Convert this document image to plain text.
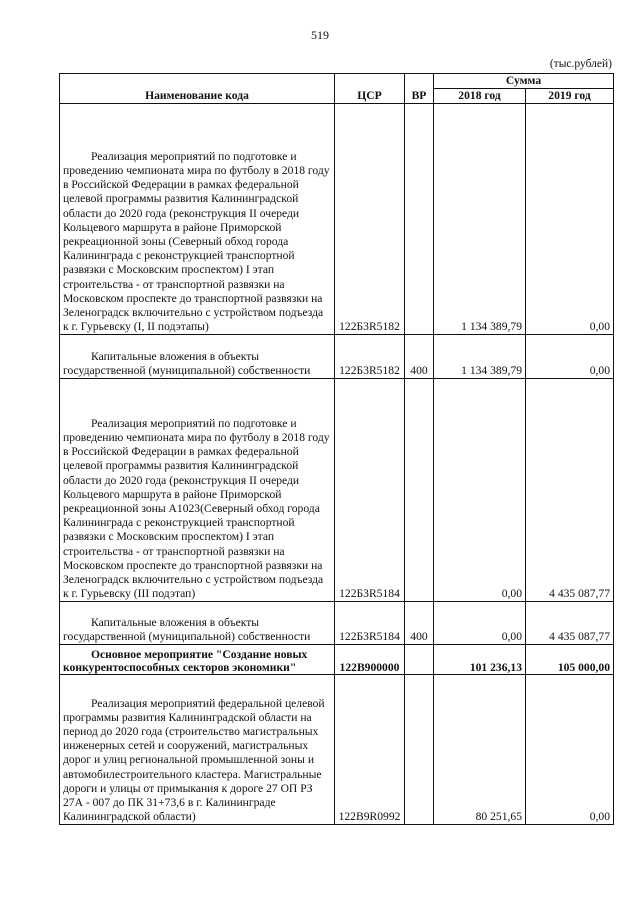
519
(тыс.рублей)
Наименование кода	ЦСР	ВР	Сумма	
			2018 год	2019 год

Реализация мероприятий по подготовке и проведению чемпионата мира по футболу в 2018 году в Российской Федерации в рамках федеральной целевой программы развития Калининградской области до 2020 года (реконструкция II очереди Кольцевого маршрута в районе Приморской рекреационной зоны (Северный обход города Калининграда с реконструкцией транспортной развязки с Московским проспектом) I этап строительства - от транспортной развязки на Московском проспекте до транспортной развязки на Зеленоградск включительно с устройством подъезда к г. Гурьевску (I, II подэтапы)	122Б3R5182		1 134 389,79	0,00

Капитальные вложения в объекты государственной (муниципальной) собственности	122Б3R5182	400	1 134 389,79	0,00

Реализация мероприятий по подготовке и проведению чемпионата мира по футболу в 2018 году в Российской Федерации в рамках федеральной целевой программы развития Калининградской области до 2020 года (реконструкция II очереди Кольцевого маршрута в районе Приморской рекреационной зоны А1023(Северный обход города Калининграда с реконструкцией транспортной развязки с Московским проспектом) I этап строительства - от транспортной развязки на Московском проспекте до транспортной развязки на Зеленоградск включительно с устройством подъезда к г. Гурьевску (III подэтап)	122Б3R5184		0,00	4 435 087,77

Капитальные вложения в объекты государственной (муниципальной) собственности	122Б3R5184	400	0,00	4 435 087,77

Основное мероприятие "Создание новых конкурентоспособных секторов экономики"	122В900000		101 236,13	105 000,00

Реализация мероприятий федеральной целевой программы развития Калининградской области на период до 2020 года (строительство магистральных инженерных сетей и сооружений, магистральных дорог и улиц региональной промышленной зоны и автомобилестроительного кластера. Магистральные дороги и улицы от примыкания к дороге 27 ОП РЗ 27А - 007 до ПК 31+73,6 в г. Калининграде Калининградской области)	122В9R0992		80 251,65	0,00
